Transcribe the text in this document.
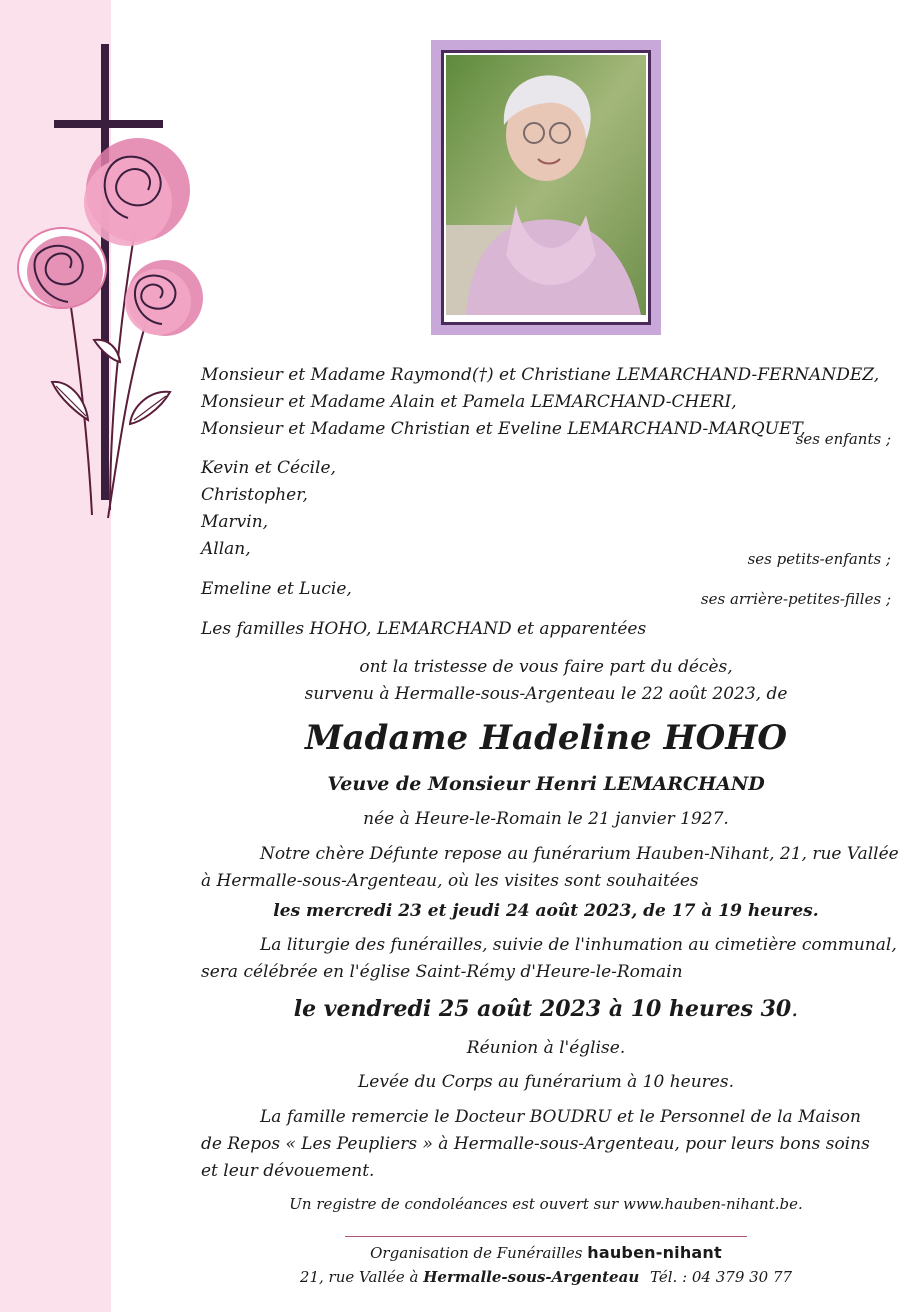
Monsieur et Madame Raymond(†) et Christiane LEMARCHAND-FERNANDEZ,
Monsieur et Madame Alain et Pamela LEMARCHAND-CHERI,
Monsieur et Madame Christian et Eveline LEMARCHAND-MARQUET,
ses enfants ;
Kevin et Cécile,
Christopher,
Marvin,
Allan,	ses petits-enfants ;
Emeline et Lucie,	ses arrière-petites-filles ;
Les familles HOHO, LEMARCHAND et apparentées
ont la tristesse de vous faire part du décès,
survenu à Hermalle-sous-Argenteau le 22 août 2023, de
Madame Hadeline HOHO
Veuve de Monsieur Henri LEMARCHAND
née à Heure-le-Romain le 21 janvier 1927.
Notre chère Défunte repose au funérarium Hauben-Nihant, 21, rue Vallée
à Hermalle-sous-Argenteau, où les visites sont souhaitées
les mercredi 23 et jeudi 24 août 2023, de 17 à 19 heures.
La liturgie des funérailles, suivie de l'inhumation au cimetière communal,
sera célébrée en l'église Saint-Rémy d'Heure-le-Romain
le vendredi 25 août 2023 à 10 heures 30.
Réunion à l'église.
Levée du Corps au funérarium à 10 heures.
La famille remercie le Docteur BOUDRU et le Personnel de la Maison
de Repos « Les Peupliers » à Hermalle-sous-Argenteau, pour leurs bons soins
et leur dévouement.
Un registre de condoléances est ouvert sur www.hauben-nihant.be.
Organisation de Funérailles hauben-nihant
21, rue Vallée à Hermalle-sous-Argenteau Tél. : 04 379 30 77
